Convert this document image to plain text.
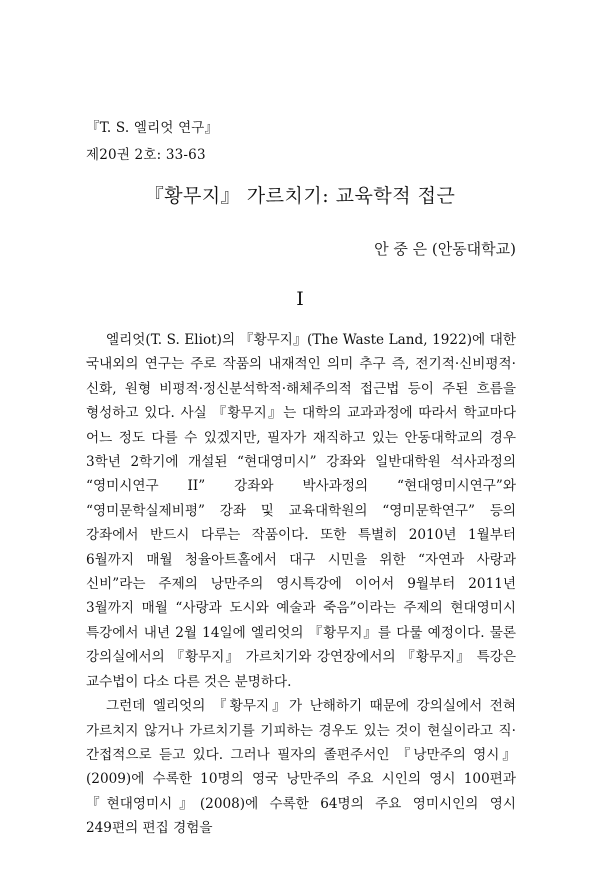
『T. S. 엘리엇 연구』
제20권 2호: 33-63
『황무지』 가르치기: 교육학적 접근
안 중 은 (안동대학교)
I

엘리엇(T. S. Eliot)의 『황무지』(The Waste Land, 1922)에 대한 국내외의 연구는 주로 작품의 내재적인 의미 추구 즉, 전기적·신비평적·신화, 원형 비평적·정신분석학적·해체주의적 접근법 등이 주된 흐름을 형성하고 있다. 사실 『황무지』는 대학의 교과과정에 따라서 학교마다 어느 정도 다를 수 있겠지만, 필자가 재직하고 있는 안동대학교의 경우 3학년 2학기에 개설된 “현대영미시” 강좌와 일반대학원 석사과정의 “영미시연구 II” 강좌와 박사과정의 “현대영미시연구”와 “영미문학실제비평” 강좌 및 교육대학원의 “영미문학연구” 등의 강좌에서 반드시 다루는 작품이다. 또한 특별히 2010년 1월부터 6월까지 매월 청율아트홀에서 대구 시민을 위한 “자연과 사랑과 신비”라는 주제의 낭만주의 영시특강에 이어서 9월부터 2011년 3월까지 매월 “사랑과 도시와 예술과 죽음”이라는 주제의 현대영미시 특강에서 내년 2월 14일에 엘리엇의 『황무지』를 다룰 예정이다. 물론 강의실에서의 『황무지』 가르치기와 강연장에서의 『황무지』 특강은 교수법이 다소 다른 것은 분명하다.

그런데 엘리엇의 『황무지』가 난해하기 때문에 강의실에서 전혀 가르치지 않거나 가르치기를 기피하는 경우도 있는 것이 현실이라고 직·간접적으로 듣고 있다. 그러나 필자의 졸편주서인 『낭만주의 영시』(2009)에 수록한 10명의 영국 낭만주의 주요 시인의 영시 100편과 『현대영미시』(2008)에 수록한 64명의 주요 영미시인의 영시 249편의 편집 경험을
